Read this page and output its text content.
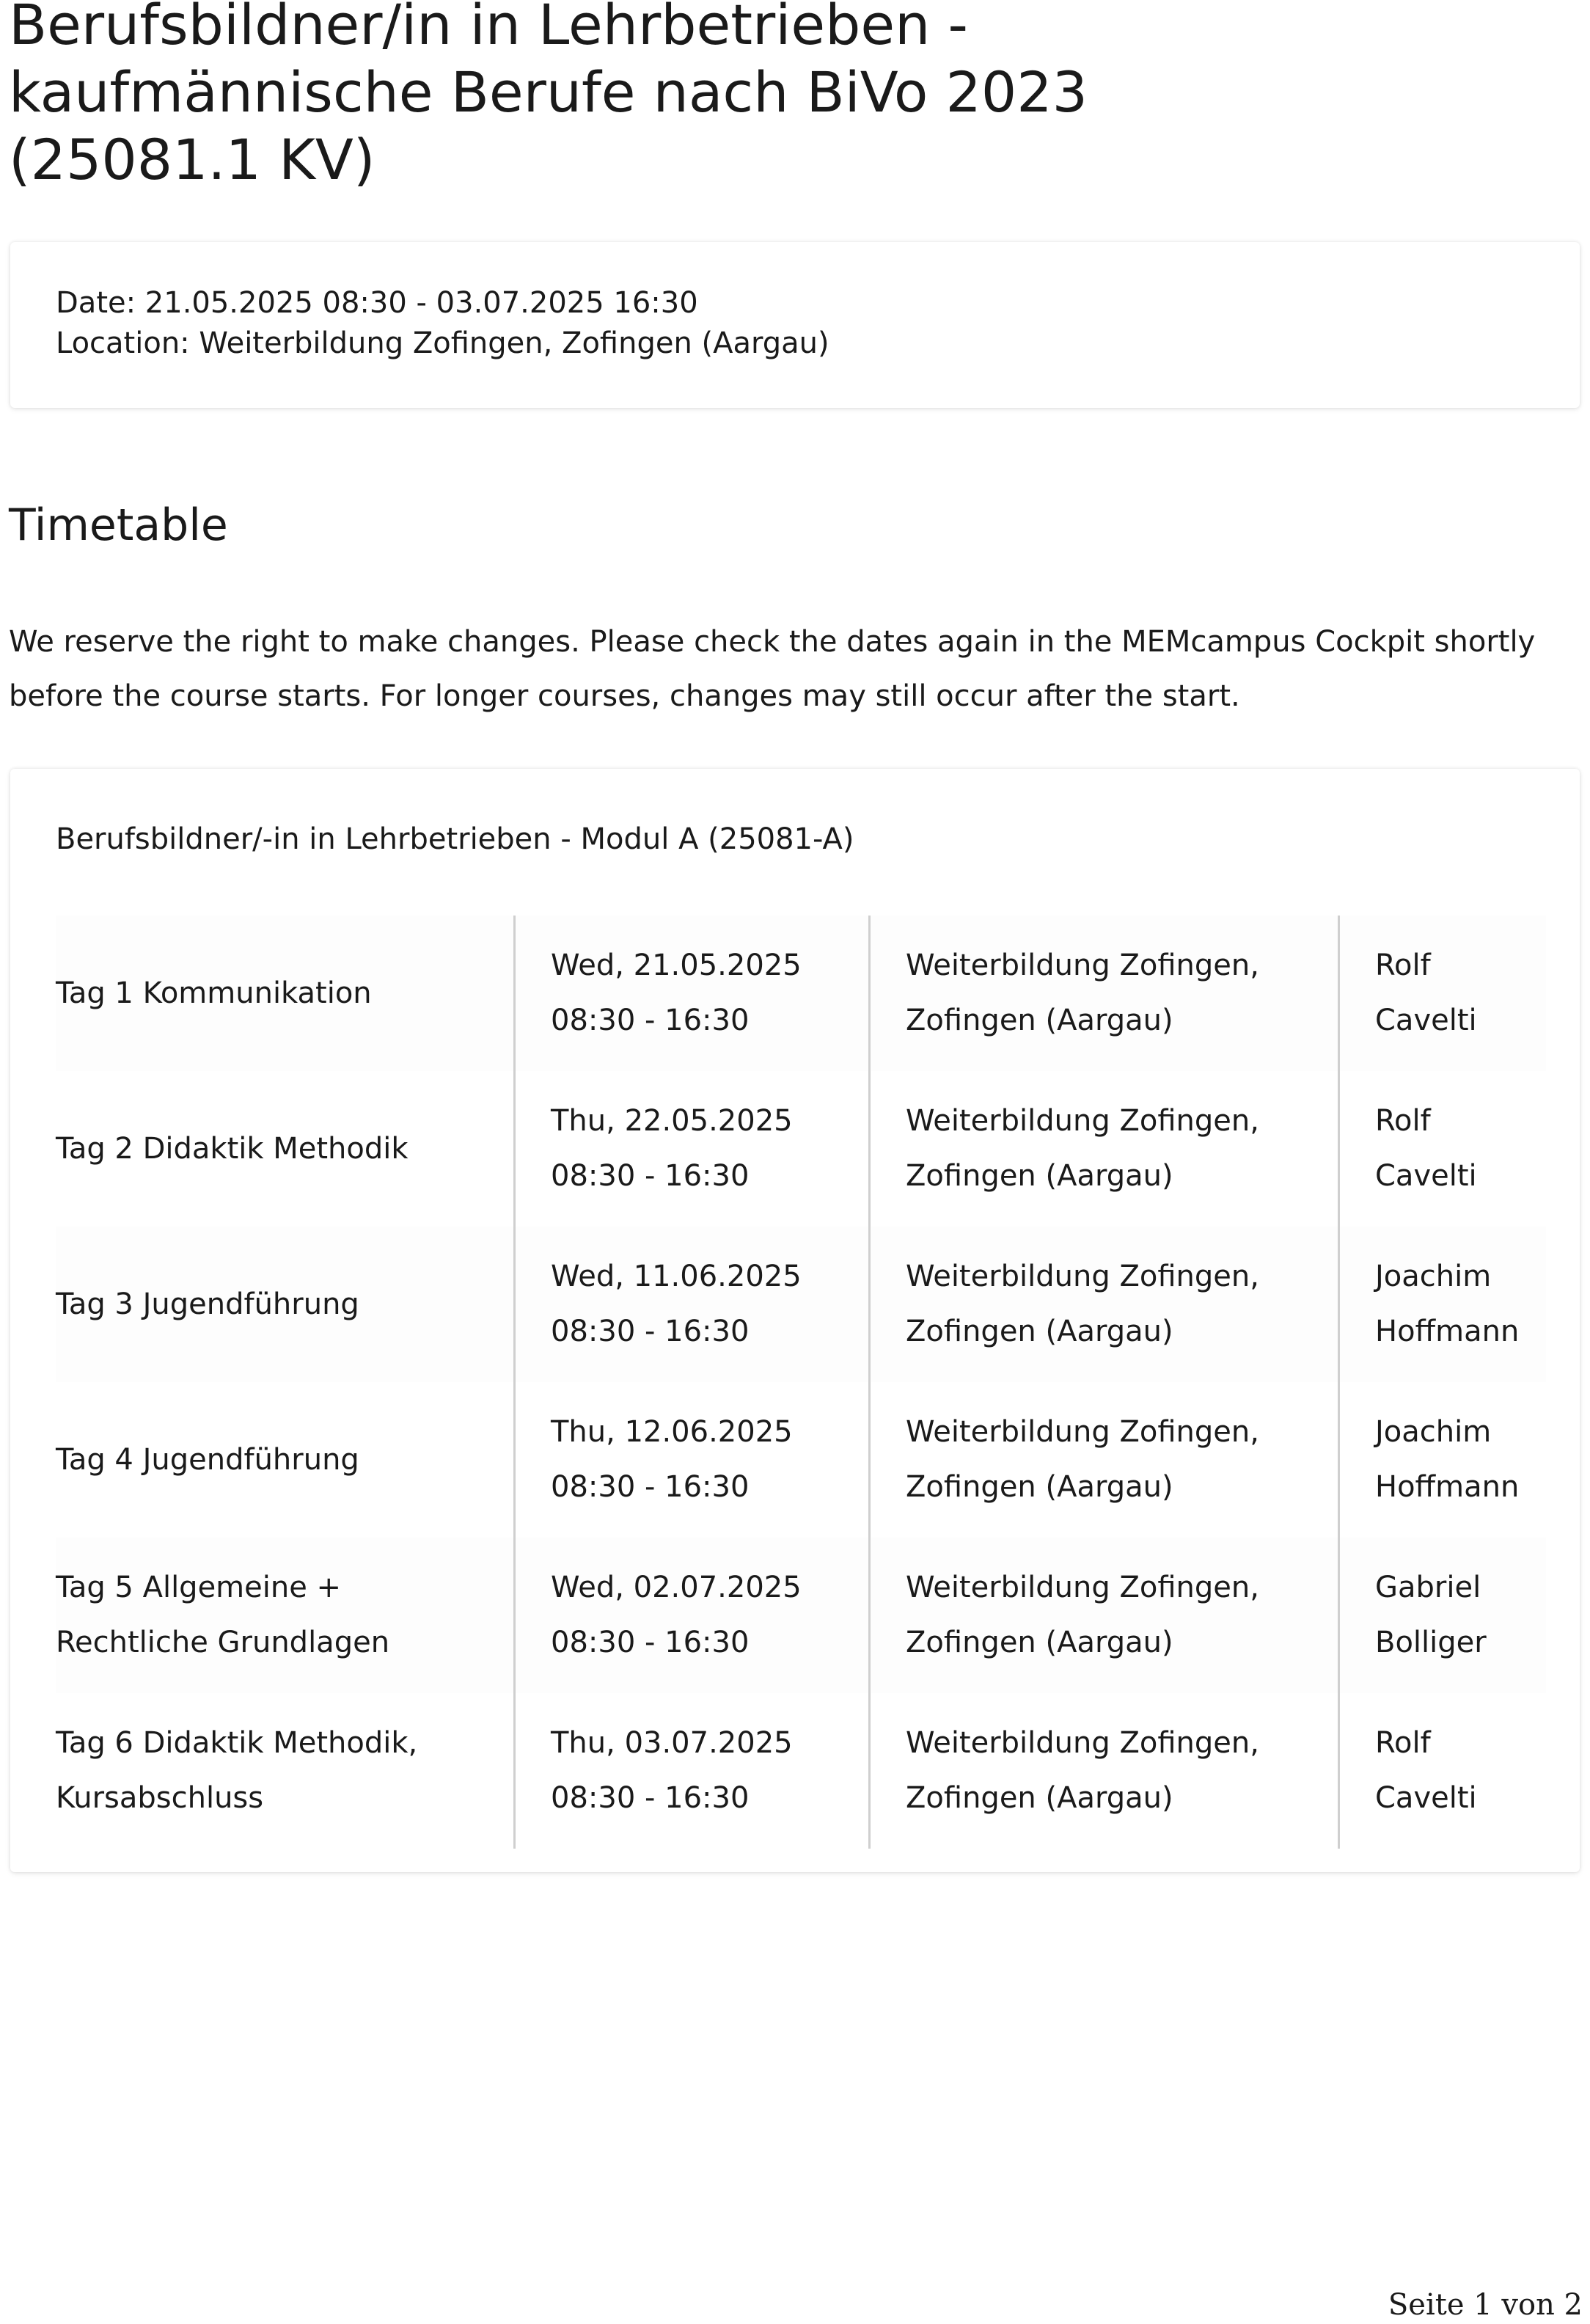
Berufsbildner/in in Lehrbetrieben -
kaufmännische Berufe nach BiVo 2023
(25081.1 KV)
Date: 21.05.2025 08:30 - 03.07.2025 16:30
Location: Weiterbildung Zofingen, Zofingen (Aargau)
Timetable

We reserve the right to make changes. Please check the dates again in the MEMcampus Cockpit shortly before the course starts. For longer courses, changes may still occur after the start.

Berufsbildner/-in in Lehrbetrieben - Modul A (25081-A)
Tag 1 Kommunikation
Wed, 21.05.2025
08:30 - 16:30
Weiterbildung Zofingen,
Zofingen (Aargau)
Rolf
Cavelti
Tag 2 Didaktik Methodik
Thu, 22.05.2025
08:30 - 16:30
Weiterbildung Zofingen,
Zofingen (Aargau)
Rolf
Cavelti
Tag 3 Jugendführung
Wed, 11.06.2025
08:30 - 16:30
Weiterbildung Zofingen,
Zofingen (Aargau)
Joachim
Hoffmann
Tag 4 Jugendführung
Thu, 12.06.2025
08:30 - 16:30
Weiterbildung Zofingen,
Zofingen (Aargau)
Joachim
Hoffmann
Tag 5 Allgemeine +
Rechtliche Grundlagen
Wed, 02.07.2025
08:30 - 16:30
Weiterbildung Zofingen,
Zofingen (Aargau)
Gabriel
Bolliger
Tag 6 Didaktik Methodik,
Kursabschluss
Thu, 03.07.2025
08:30 - 16:30
Weiterbildung Zofingen,
Zofingen (Aargau)
Rolf
Cavelti
Seite 1 von 2
